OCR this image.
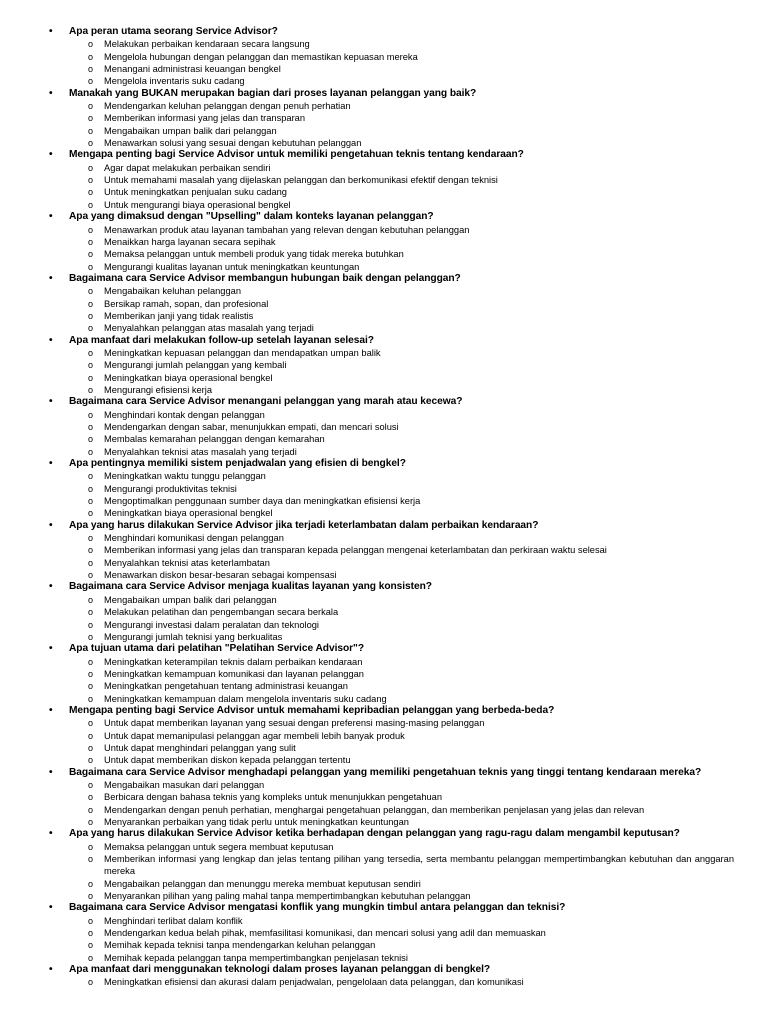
• Apa peran utama seorang Service Advisor?
o Melakukan perbaikan kendaraan secara langsung
o Mengelola hubungan dengan pelanggan dan memastikan kepuasan mereka
o Menangani administrasi keuangan bengkel
o Mengelola inventaris suku cadang
• Manakah yang BUKAN merupakan bagian dari proses layanan pelanggan yang baik?
o Mendengarkan keluhan pelanggan dengan penuh perhatian
o Memberikan informasi yang jelas dan transparan
o Mengabaikan umpan balik dari pelanggan
o Menawarkan solusi yang sesuai dengan kebutuhan pelanggan
• Mengapa penting bagi Service Advisor untuk memiliki pengetahuan teknis tentang kendaraan?
o Agar dapat melakukan perbaikan sendiri
o Untuk memahami masalah yang dijelaskan pelanggan dan berkomunikasi efektif dengan teknisi
o Untuk meningkatkan penjualan suku cadang
o Untuk mengurangi biaya operasional bengkel
• Apa yang dimaksud dengan "Upselling" dalam konteks layanan pelanggan?
o Menawarkan produk atau layanan tambahan yang relevan dengan kebutuhan pelanggan
o Menaikkan harga layanan secara sepihak
o Memaksa pelanggan untuk membeli produk yang tidak mereka butuhkan
o Mengurangi kualitas layanan untuk meningkatkan keuntungan
• Bagaimana cara Service Advisor membangun hubungan baik dengan pelanggan?
o Mengabaikan keluhan pelanggan
o Bersikap ramah, sopan, dan profesional
o Memberikan janji yang tidak realistis
o Menyalahkan pelanggan atas masalah yang terjadi
• Apa manfaat dari melakukan follow-up setelah layanan selesai?
o Meningkatkan kepuasan pelanggan dan mendapatkan umpan balik
o Mengurangi jumlah pelanggan yang kembali
o Meningkatkan biaya operasional bengkel
o Mengurangi efisiensi kerja
• Bagaimana cara Service Advisor menangani pelanggan yang marah atau kecewa?
o Menghindari kontak dengan pelanggan
o Mendengarkan dengan sabar, menunjukkan empati, dan mencari solusi
o Membalas kemarahan pelanggan dengan kemarahan
o Menyalahkan teknisi atas masalah yang terjadi
• Apa pentingnya memiliki sistem penjadwalan yang efisien di bengkel?
o Meningkatkan waktu tunggu pelanggan
o Mengurangi produktivitas teknisi
o Mengoptimalkan penggunaan sumber daya dan meningkatkan efisiensi kerja
o Meningkatkan biaya operasional bengkel
• Apa yang harus dilakukan Service Advisor jika terjadi keterlambatan dalam perbaikan kendaraan?
o Menghindari komunikasi dengan pelanggan
o Memberikan informasi yang jelas dan transparan kepada pelanggan mengenai keterlambatan dan perkiraan waktu selesai
o Menyalahkan teknisi atas keterlambatan
o Menawarkan diskon besar-besaran sebagai kompensasi
• Bagaimana cara Service Advisor menjaga kualitas layanan yang konsisten?
o Mengabaikan umpan balik dari pelanggan
o Melakukan pelatihan dan pengembangan secara berkala
o Mengurangi investasi dalam peralatan dan teknologi
o Mengurangi jumlah teknisi yang berkualitas
• Apa tujuan utama dari pelatihan "Pelatihan Service Advisor"?
o Meningkatkan keterampilan teknis dalam perbaikan kendaraan
o Meningkatkan kemampuan komunikasi dan layanan pelanggan
o Meningkatkan pengetahuan tentang administrasi keuangan
o Meningkatkan kemampuan dalam mengelola inventaris suku cadang
• Mengapa penting bagi Service Advisor untuk memahami kepribadian pelanggan yang berbeda-beda?
o Untuk dapat memberikan layanan yang sesuai dengan preferensi masing-masing pelanggan
o Untuk dapat memanipulasi pelanggan agar membeli lebih banyak produk
o Untuk dapat menghindari pelanggan yang sulit
o Untuk dapat memberikan diskon kepada pelanggan tertentu
• Bagaimana cara Service Advisor menghadapi pelanggan yang memiliki pengetahuan teknis yang tinggi tentang kendaraan mereka?
o Mengabaikan masukan dari pelanggan
o Berbicara dengan bahasa teknis yang kompleks untuk menunjukkan pengetahuan
o Mendengarkan dengan penuh perhatian, menghargai pengetahuan pelanggan, dan memberikan penjelasan yang jelas dan relevan
o Menyarankan perbaikan yang tidak perlu untuk meningkatkan keuntungan
• Apa yang harus dilakukan Service Advisor ketika berhadapan dengan pelanggan yang ragu-ragu dalam mengambil keputusan?
o Memaksa pelanggan untuk segera membuat keputusan
o Memberikan informasi yang lengkap dan jelas tentang pilihan yang tersedia, serta membantu pelanggan mempertimbangkan kebutuhan dan anggaran mereka
o Mengabaikan pelanggan dan menunggu mereka membuat keputusan sendiri
o Menyarankan pilihan yang paling mahal tanpa mempertimbangkan kebutuhan pelanggan
• Bagaimana cara Service Advisor mengatasi konflik yang mungkin timbul antara pelanggan dan teknisi?
o Menghindari terlibat dalam konflik
o Mendengarkan kedua belah pihak, memfasilitasi komunikasi, dan mencari solusi yang adil dan memuaskan
o Memihak kepada teknisi tanpa mendengarkan keluhan pelanggan
o Memihak kepada pelanggan tanpa mempertimbangkan penjelasan teknisi
• Apa manfaat dari menggunakan teknologi dalam proses layanan pelanggan di bengkel?
o Meningkatkan efisiensi dan akurasi dalam penjadwalan, pengelolaan data pelanggan, dan komunikasi
